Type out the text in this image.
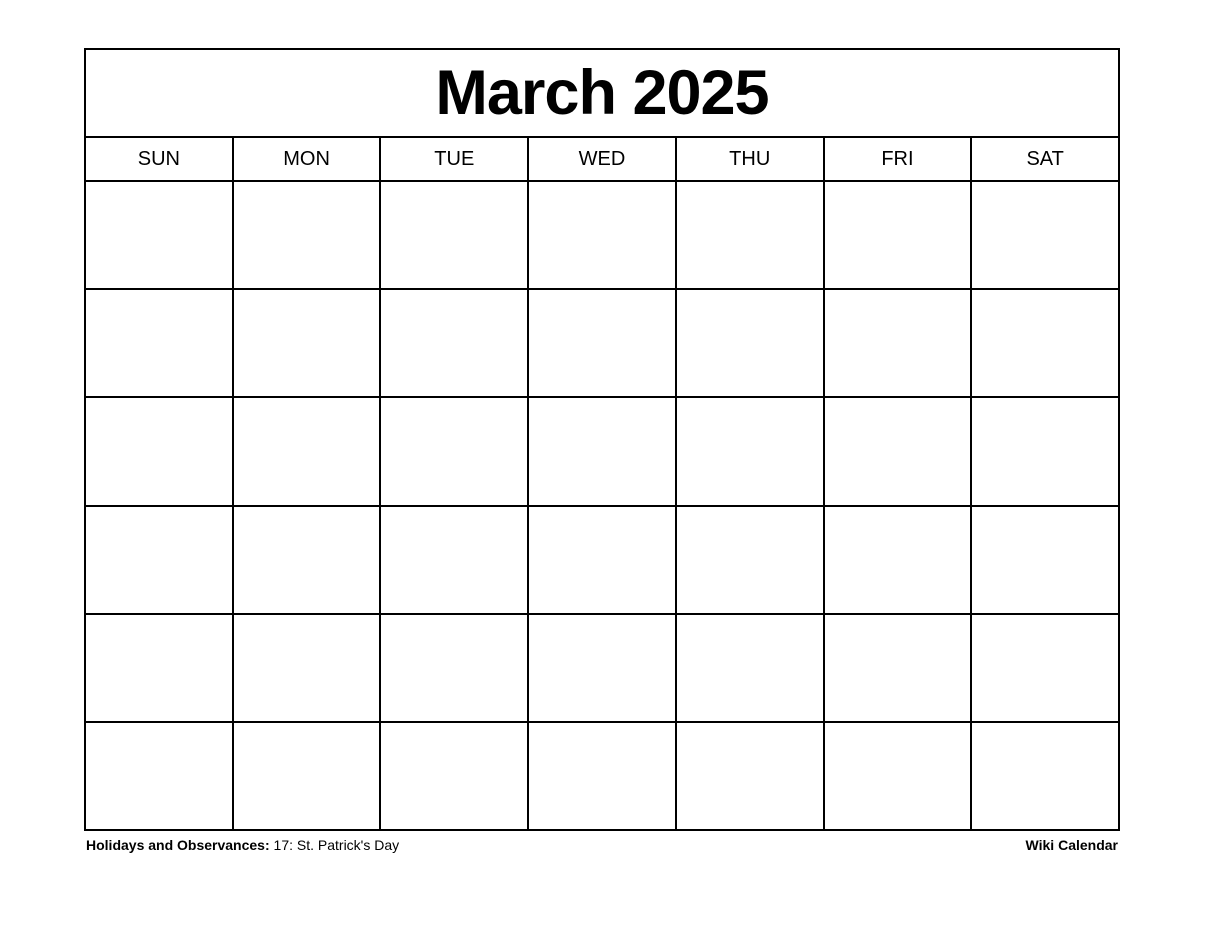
March 2025
SUN	MON	TUE	WED	THU	FRI	SAT
Holidays and Observances: 17: St. Patrick's Day	Wiki Calendar
